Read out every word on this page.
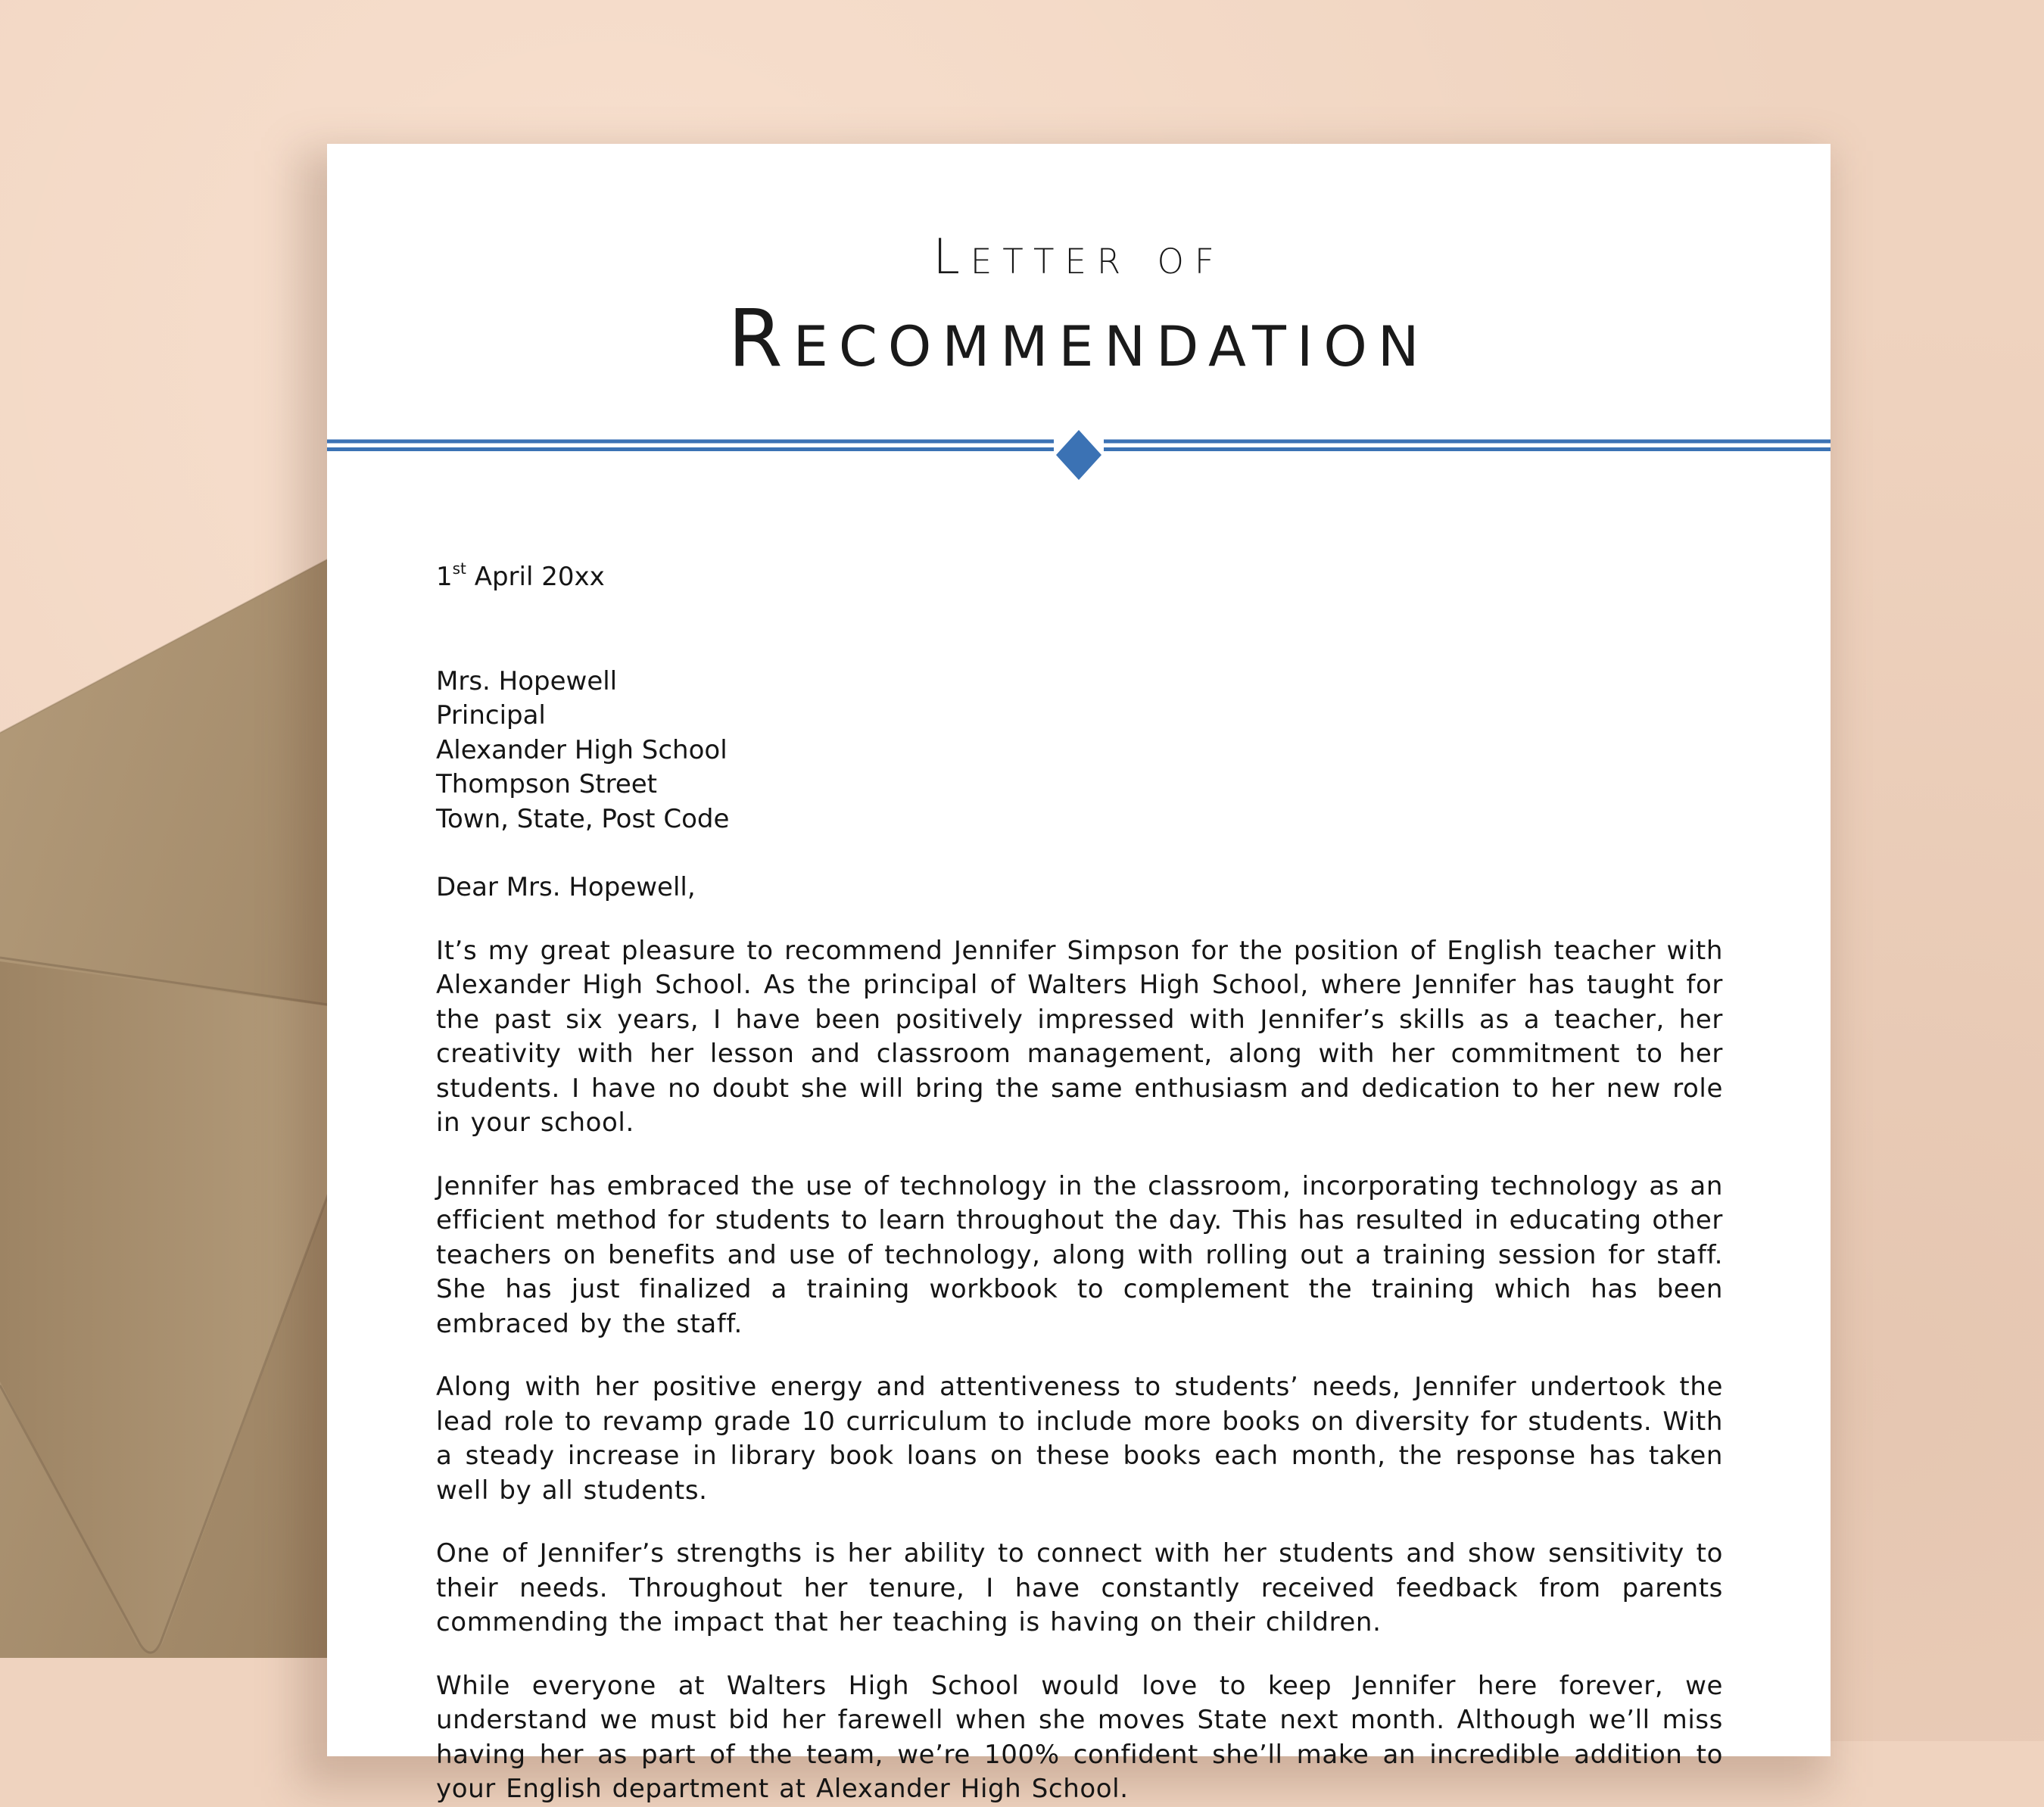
Letter of
Recommendation
1st April 20xx
Mrs. Hopewell
Principal
Alexander High School
Thompson Street
Town, State, Post Code
Dear Mrs. Hopewell,
It’s my great pleasure to recommend Jennifer Simpson for the position of English teacher with Alexander High School. As the principal of Walters High School, where Jennifer has taught for the past six years, I have been positively impressed with Jennifer’s skills as a teacher, her creativity with her lesson and classroom management, along with her commitment to her students. I have no doubt she will bring the same enthusiasm and dedication to her new role in your school.
Jennifer has embraced the use of technology in the classroom, incorporating technology as an efficient method for students to learn throughout the day. This has resulted in educating other teachers on benefits and use of technology, along with rolling out a training session for staff. She has just finalized a training workbook to complement the training which has been embraced by the staff.
Along with her positive energy and attentiveness to students’ needs, Jennifer undertook the lead role to revamp grade 10 curriculum to include more books on diversity for students. With a steady increase in library book loans on these books each month, the response has taken well by all students.
One of Jennifer’s strengths is her ability to connect with her students and show sensitivity to their needs. Throughout her tenure, I have constantly received feedback from parents commending the impact that her teaching is having on their children.
While everyone at Walters High School would love to keep Jennifer here forever, we understand we must bid her farewell when she moves State next month. Although we’ll miss having her as part of the team, we’re 100% confident she’ll make an incredible addition to your English department at Alexander High School.
